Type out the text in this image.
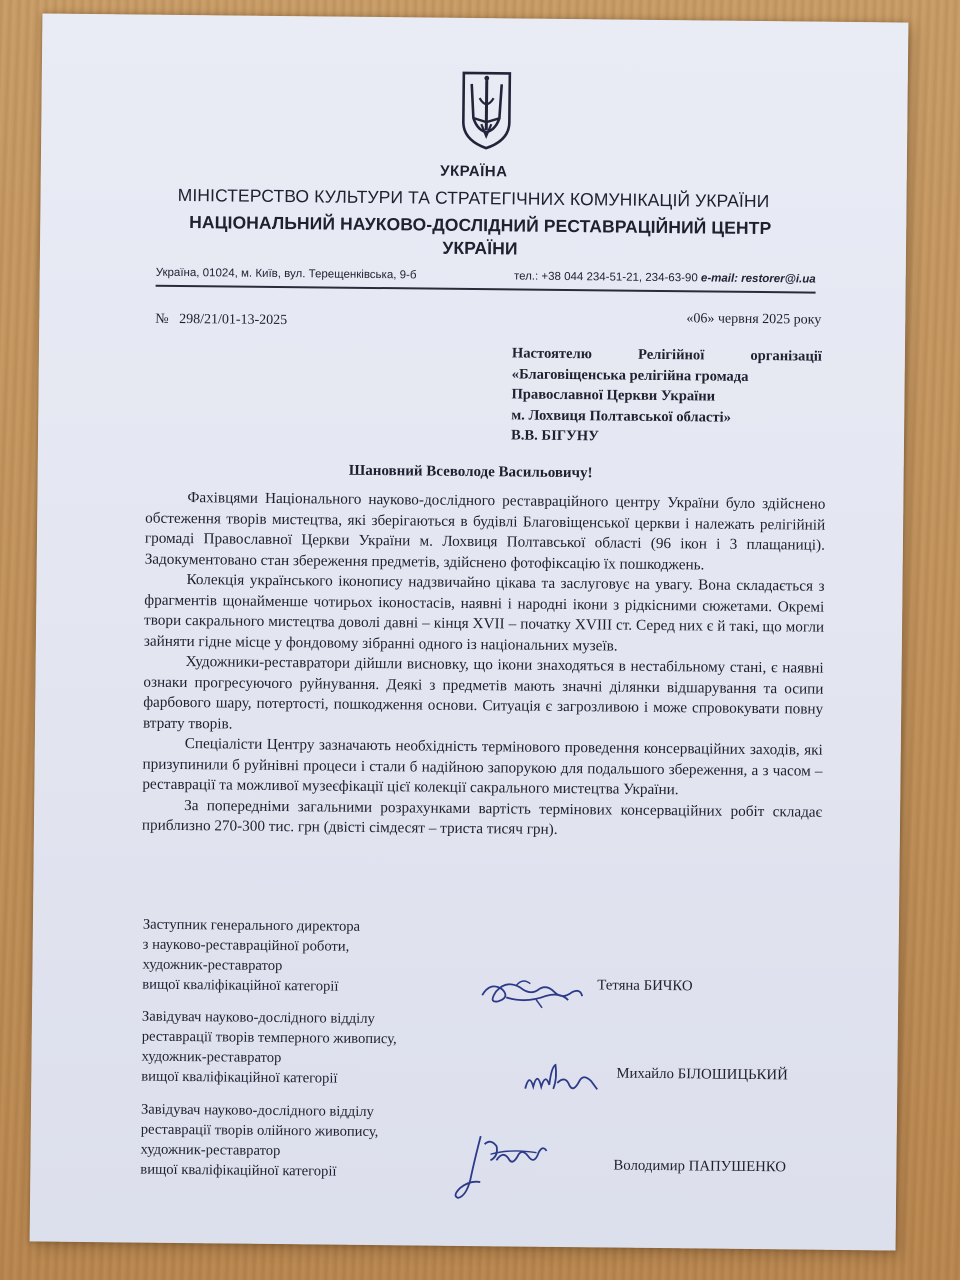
УКРАЇНА
МІНІСТЕРСТВО КУЛЬТУРИ ТА СТРАТЕГІЧНИХ КОМУНІКАЦІЙ УКРАЇНИ
НАЦІОНАЛЬНИЙ НАУКОВО-ДОСЛІДНИЙ РЕСТАВРАЦІЙНИЙ ЦЕНТР
УКРАЇНИ
Україна, 01024, м. Київ, вул. Терещенківська, 9-б	тел.: +38 044 234-51-21, 234-63-90 e-mail: restorer@i.ua
№   298/21/01-13-2025	«06» червня 2025 року
Настоятелю	Релігійної	організації
«Благовіщенська релігійна громада
Православної Церкви України
м. Лохвиця Полтавської області»
В.В. БІГУНУ
Шановний Всеволоде Васильовичу!

Фахівцями Національного науково-дослідного реставраційного центру України було здійснено обстеження творів мистецтва, які зберігаються в будівлі Благовіщенської церкви і належать релігійній громаді Православної Церкви України м. Лохвиця Полтавської області (96 ікон і 3 плащаниці). Задокументовано стан збереження предметів, здійснено фотофіксацію їх пошкоджень.

Колекція українського іконопису надзвичайно цікава та заслуговує на увагу. Вона складається з фрагментів щонайменше чотирьох іконостасів, наявні і народні ікони з рідкісними сюжетами. Окремі твори сакрального мистецтва доволі давні – кінця XVII – початку XVIII ст. Серед них є й такі, що могли зайняти гідне місце у фондовому зібранні одного із національних музеїв.

Художники-реставратори дійшли висновку, що ікони знаходяться в нестабільному стані, є наявні ознаки прогресуючого руйнування. Деякі з предметів мають значні ділянки відшарування та осипи фарбового шару, потертості, пошкодження основи. Ситуація є загрозливою і може спровокувати повну втрату творів.

Спеціалісти Центру зазначають необхідність термінового проведення консерваційних заходів, які призупинили б руйнівні процеси і стали б надійною запорукою для подальшого збереження, а з часом – реставрації та можливої музеєфікації цієї колекції сакрального мистецтва України.

За попередніми загальними розрахунками вартість термінових консерваційних робіт складає приблизно 270-300 тис. грн (двісті сімдесят – триста тисяч грн).

Заступник генерального директора
з науково-реставраційної роботи,
художник-реставратор
вищої кваліфікаційної категорії	Тетяна БИЧКО
Завідувач науково-дослідного відділу
реставрації творів темперного живопису,
художник-реставратор
вищої кваліфікаційної категорії	Михайло БІЛОШИЦЬКИЙ
Завідувач науково-дослідного відділу
реставрації творів олійного живопису,
художник-реставратор
вищої кваліфікаційної категорії	Володимир ПАПУШЕНКО
